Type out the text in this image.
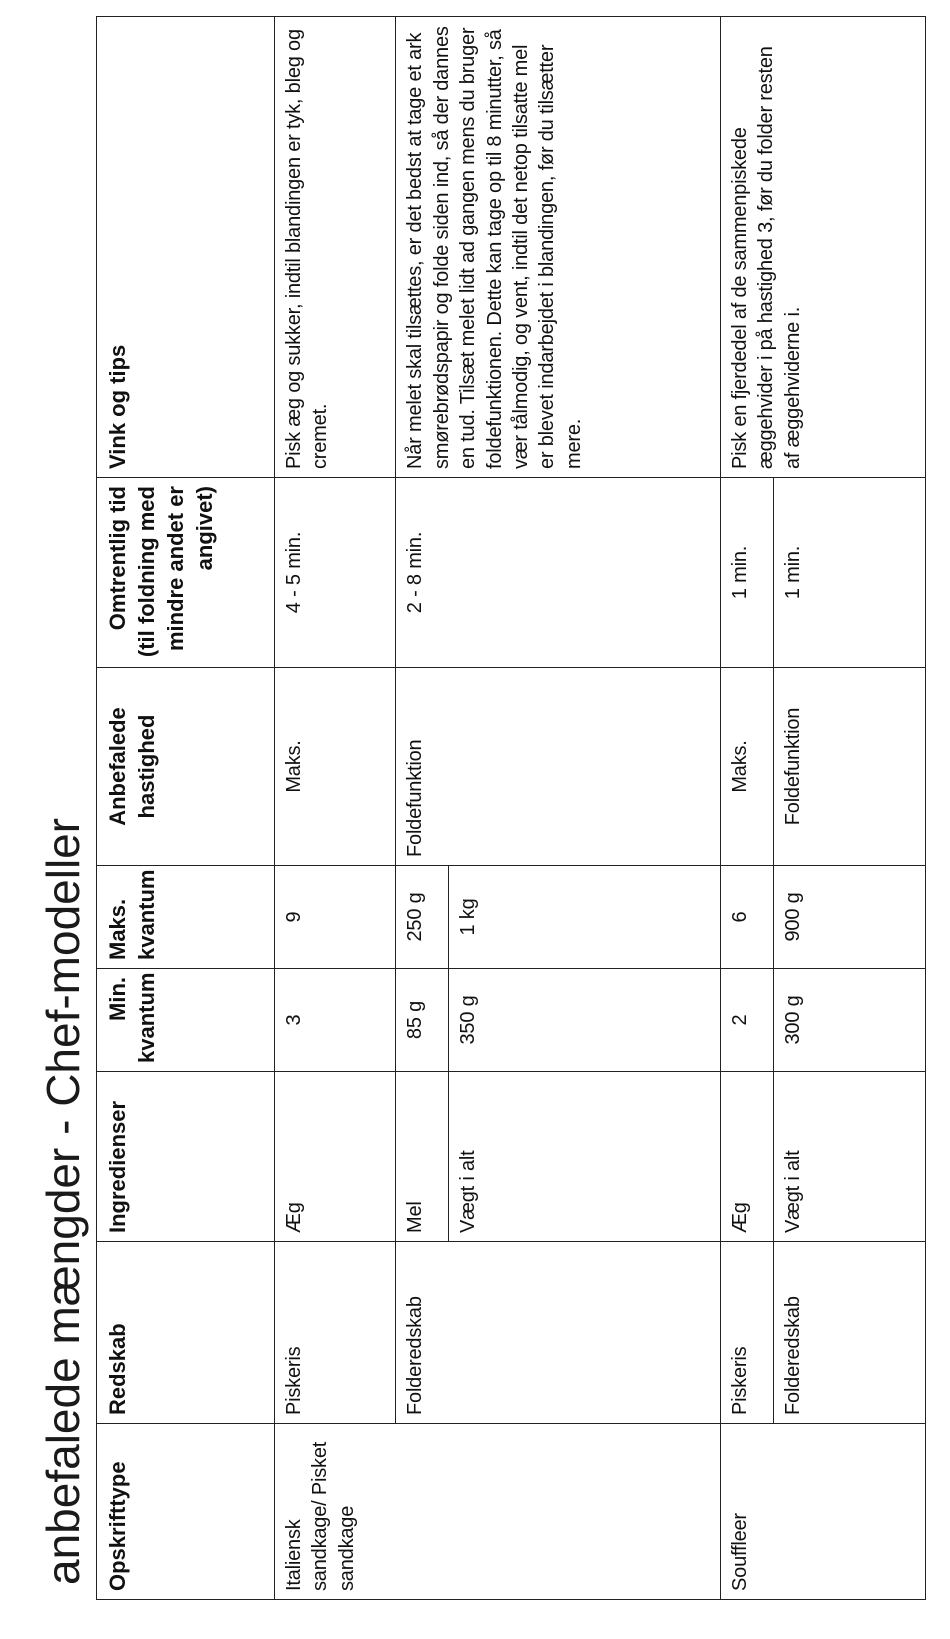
anbefalede mængder - Chef-modeller Opskrifttype	Redskab	Ingredienser	Min. kvantum	Maks. kvantum	Anbefalede hastighed	Omtrentlig tid (til foldning med mindre andet er angivet)	Vink og tips
Italiensk sandkage/ Pisket sandkage	Piskeris	Æg	3	9	Maks.	4 - 5 min.	Pisk æg og sukker, indtil blandingen er tyk, bleg og cremet.
	Folderedskab	Mel	85 g	250 g	Foldefunktion	2 - 8 min.	Når melet skal tilsættes, er det bedst at tage et ark smørebrødspapir og folde siden ind, så der dannes en tud. Tilsæt melet lidt ad gangen mens du bruger foldefunktionen. Dette kan tage op til 8 minutter, så vær tålmodig, og vent, indtil det netop tilsatte mel er blevet indarbejdet i blandingen, før du tilsætter mere.
		Vægt i alt	350 g	1 kg			
Souffleer	Piskeris	Æg	2	6	Maks.	1 min.	Pisk en fjerdedel af de sammenpiskede æggehvider i på hastighed 3, før du folder resten af æggehviderne i.
	Folderedskab	Vægt i alt	300 g	900 g	Foldefunktion	1 min.	
